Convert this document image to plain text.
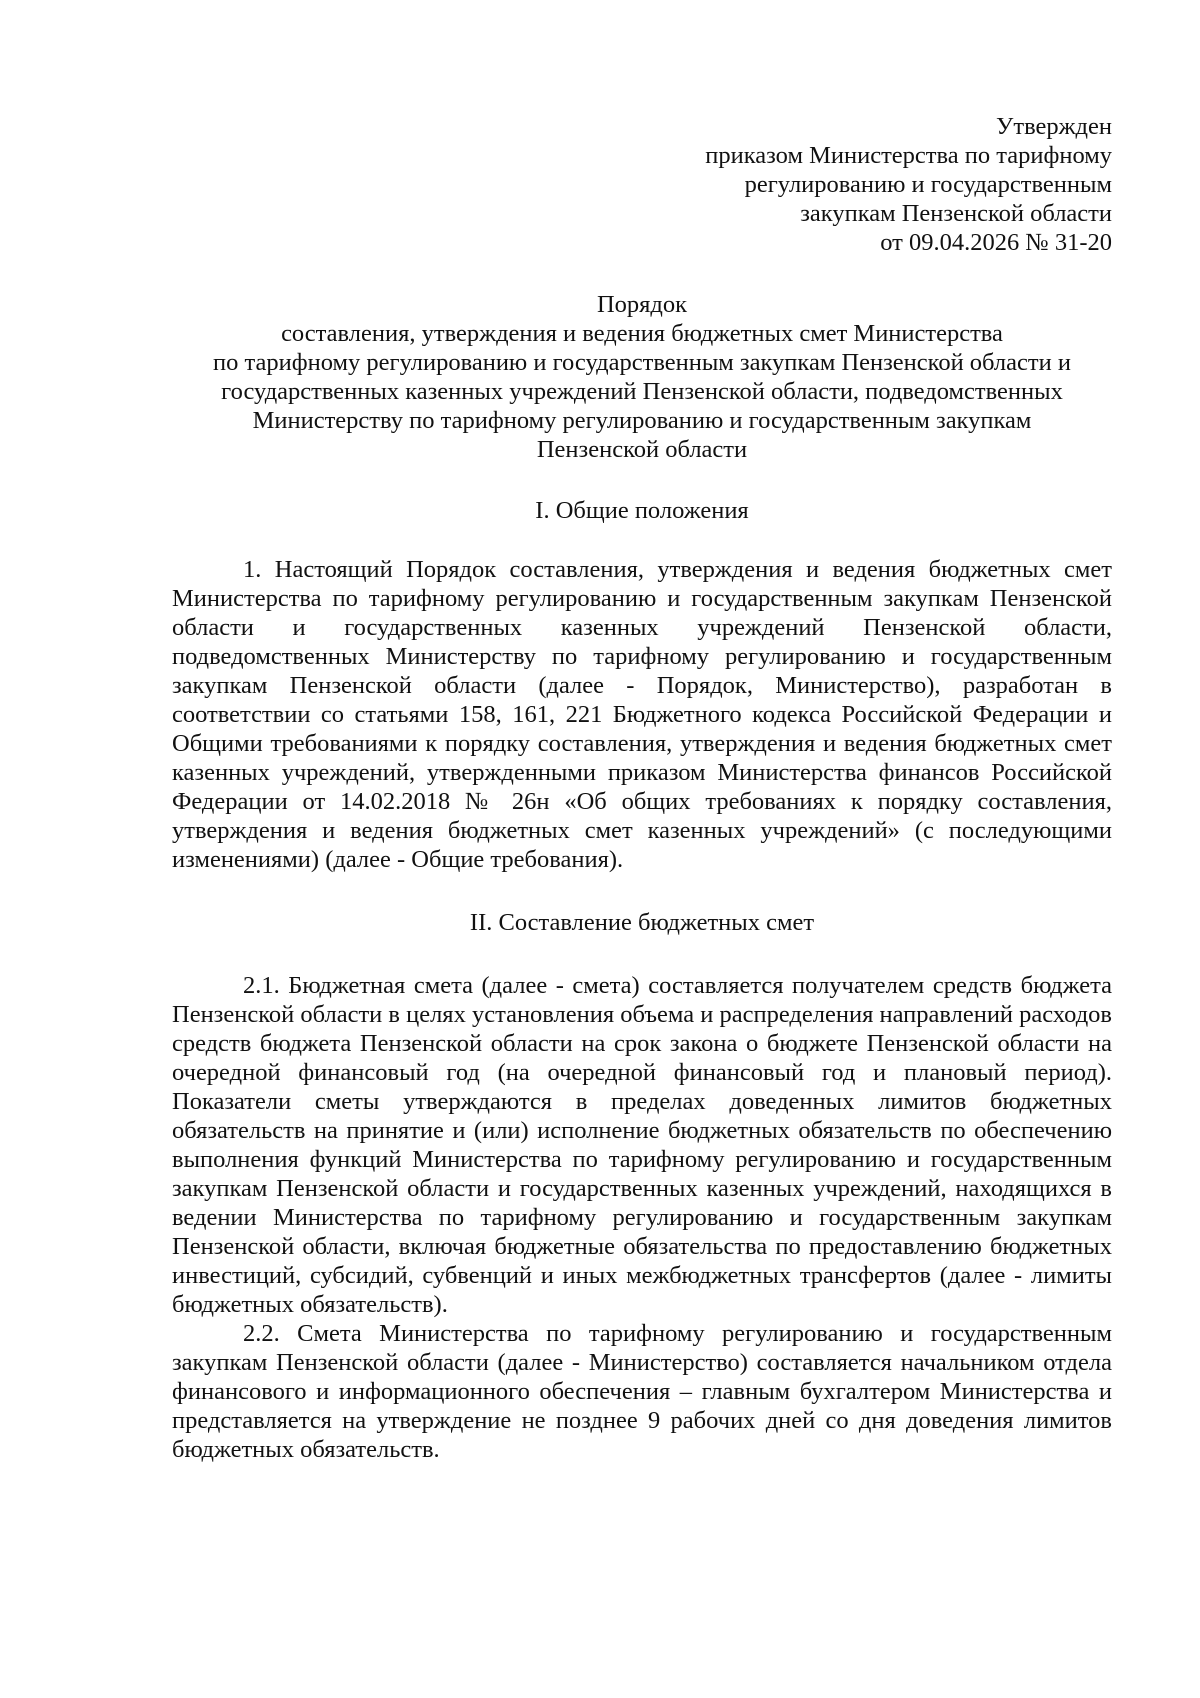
Утвержден
приказом Министерства по тарифному
регулированию и государственным
закупкам Пензенской области
от 09.04.2026 № 31-20
Порядок
составления, утверждения и ведения бюджетных смет Министерства
по тарифному регулированию и государственным закупкам Пензенской области и
государственных казенных учреждений Пензенской области, подведомственных
Министерству по тарифному регулированию и государственным закупкам
Пензенской области
I. Общие положения

1. Настоящий Порядок составления, утверждения и ведения бюджетных смет Министерства по тарифному регулированию и государственным закупкам Пензенской области и государственных казенных учреждений Пензенской области, подведомственных Министерству по тарифному регулированию и государственным закупкам Пензенской области (далее - Порядок, Министерство), разработан в соответствии со статьями 158, 161, 221 Бюджетного кодекса Российской Федерации и Общими требованиями к порядку составления, утверждения и ведения бюджетных смет казенных учреждений, утвержденными приказом Министерства финансов Российской Федерации от 14.02.2018 № 26н «Об общих требованиях к порядку составления, утверждения и ведения бюджетных смет казенных учреждений» (с последующими изменениями) (далее - Общие требования).

II. Составление бюджетных смет

2.1. Бюджетная смета (далее - смета) составляется получателем средств бюджета Пензенской области в целях установления объема и распределения направлений расходов средств бюджета Пензенской области на срок закона о бюджете Пензенской области на очередной финансовый год (на очередной финансовый год и плановый период). Показатели сметы утверждаются в пределах доведенных лимитов бюджетных обязательств на принятие и (или) исполнение бюджетных обязательств по обеспечению выполнения функций Министерства по тарифному регулированию и государственным закупкам Пензенской области и государственных казенных учреждений, находящихся в ведении Министерства по тарифному регулированию и государственным закупкам Пензенской области, включая бюджетные обязательства по предоставлению бюджетных инвестиций, субсидий, субвенций и иных межбюджетных трансфертов (далее - лимиты бюджетных обязательств).

2.2. Смета Министерства по тарифному регулированию и государственным закупкам Пензенской области (далее - Министерство) составляется начальником отдела финансового и информационного обеспечения – главным бухгалтером Министерства и представляется на утверждение не позднее 9 рабочих дней со дня доведения лимитов бюджетных обязательств.
